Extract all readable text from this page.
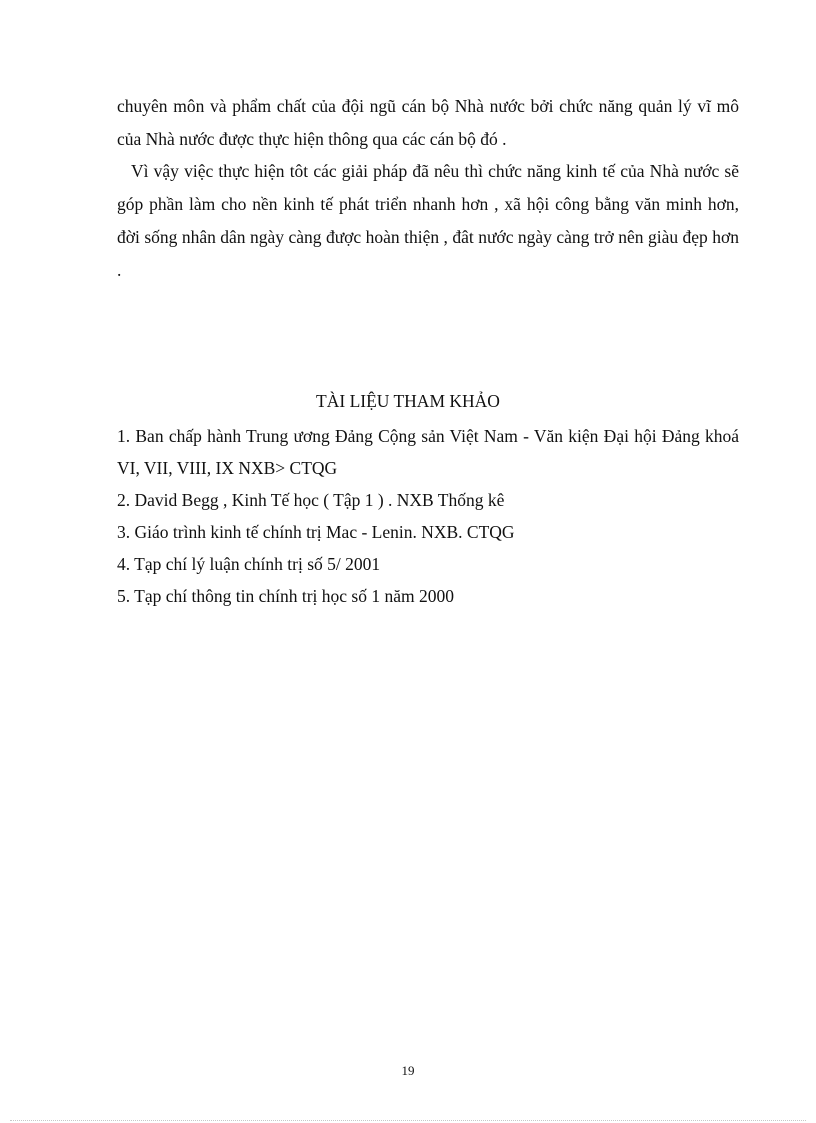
chuyên môn và phẩm chất của đội ngũ cán bộ Nhà nước bởi chức năng quản lý vĩ mô của Nhà nước được thực hiện thông qua các cán bộ đó .

Vì vậy việc thực hiện tôt các giải pháp đã nêu thì chức năng kinh tế của Nhà nước sẽ góp phần làm cho nền kinh tế phát triển nhanh hơn , xã hội công bằng văn minh hơn, đời sống nhân dân ngày càng được hoàn thiện , đât nước ngày càng trở nên giàu đẹp hơn .

TÀI LIỆU THAM KHẢO
1. Ban chấp hành Trung ương Đảng Cộng sản Việt Nam - Văn kiện Đại hội Đảng khoá VI, VII, VIII, IX NXB> CTQG
2. David Begg , Kinh Tế học ( Tập 1 ) . NXB Thống kê
3. Giáo trình kinh tế chính trị Mac - Lenin. NXB. CTQG
4. Tạp chí lý luận chính trị số 5/ 2001
5. Tạp chí thông tin chính trị học số 1 năm 2000
19
